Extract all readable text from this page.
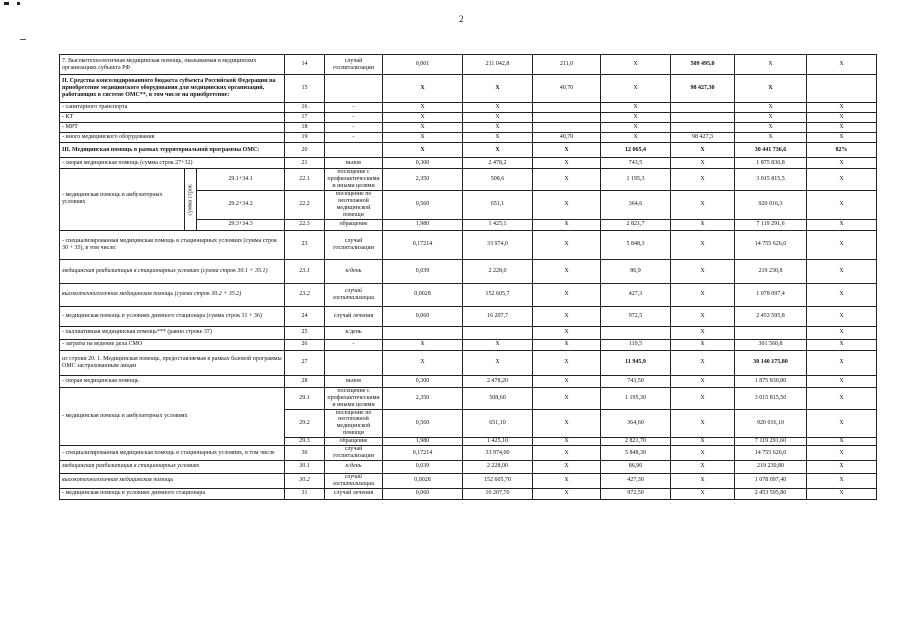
2
7. Высокотехнологичная медицинская помощь, оказываемая в медицинских организациях субъекта РФ			14	случай госпитализации	0,001	211 042,8	211,0	Х	509 495,0	Х	Х
II. Средства консолидированного бюджета субъекта Российской Федерации на приобретение медицинского оборудования для медицинских организаций, работающих в системе ОМС**, в том числе на приобретение:			15		Х	Х	40,70	Х	98 427,30	Х	
- санитарного транспорта			16	-	Х	Х		Х		Х	Х
- КТ			17	-	Х	Х		Х		Х	Х
- МРТ			18	-	Х	Х		Х		Х	Х
- иного медицинского оборудования			19	-	Х	Х	40,70	Х	98 427,3	Х	Х
III. Медицинская помощь в рамках территориальной программы ОМС:			20		Х	Х	Х	12 065,4	Х	30 441 736,6	82%
- скорая медицинская помощь (сумма строк 27+32)			21	вызов	0,300	2 478,2	Х	743,5	Х	1 875 830,8	Х
- медицинская помощь в амбулаторных условиях	сумма строк	29.1+34.1	22.1	посещение с профилактическими и иными целями	2,350	508,6	Х	1 195,3	Х	3 015 815,5	Х
		29.2+34.2	22.2	посещение по неотложной медицинской помощи	0,560	651,1	Х	364,6	Х	920 016,3	Х
		29.3+34.3	22.3	обращение	1,980	1 425,1	Х	2 821,7	Х	7 119 291,6	Х
- специализированная медицинская помощь в стационарных условиях (сумма строк 30 + 35), в том числе:			23	случай госпитализации	0,17214	33 974,0	Х	5 848,3	Х	14 755 626,0	Х
медицинская реабилитация в стационарных условиях (сумма строк 30.1 + 35.1)			23.1	к/день	0,039	2 228,0	Х	86,9	Х	219 230,8	Х
высокотехнологичная медицинская помощь (сумма строк 30.2 + 35.2)			23.2	случай госпитализации	0,0028	152 605,7	Х	427,3	Х	1 078 097,4	Х
- медицинская помощь в условиях дневного стационара (сумма строк 31 + 36)			24	случай лечения	0,060	16 207,7	Х	972,5	Х	2 453 595,8	Х
- паллиативная медицинская помощь*** (равно строке 37)			25	к/день			Х		Х		Х
- затраты на ведение дела СМО			26	-	Х	Х	Х	119,5	Х	301 560,8	Х
из строки 20. 1. Медицинская помощь, предоставляемая в рамках базовой программы ОМС застрахованным лицам			27		Х	Х	Х	11 945,9	Х	30 140 175,80	Х
- скорая медицинская помощь			28	вызов	0,300	2 478,20	Х	743,50	Х	1 875 830,80	Х
- медицинская помощь в амбулаторных условиях			29.1	посещение с профилактическими и иными целями	2,350	508,60	Х	1 195,30	Х	3 015 815,50	Х
			29.2	посещение по неотложной медицинской помощи	0,560	651,10	Х	364,60	Х	920 016,10	Х
			29.3	обращение	1,980	1 425,10	Х	2 821,70	Х	7 119 291,60	Х
- специализированная медицинская помощь в стационарных условиях, в том числе			30	случай госпитализации	0,17214	33 974,00	Х	5 848,30	Х	14 755 626,0	Х
медицинская реабилитация в стационарных условиях			30.1	к/день	0,039	2 228,00	Х	86,90	Х	219 230,80	Х
высокотехнологичная медицинская помощь			30.2	случай госпитализации	0,0028	152 605,70	Х	427,30	Х	1 078 097,40	Х
- медицинская помощь в условиях дневного стационара			31	случай лечения	0,060	16 207,70	Х	972,50	Х	2 453 595,80	Х
